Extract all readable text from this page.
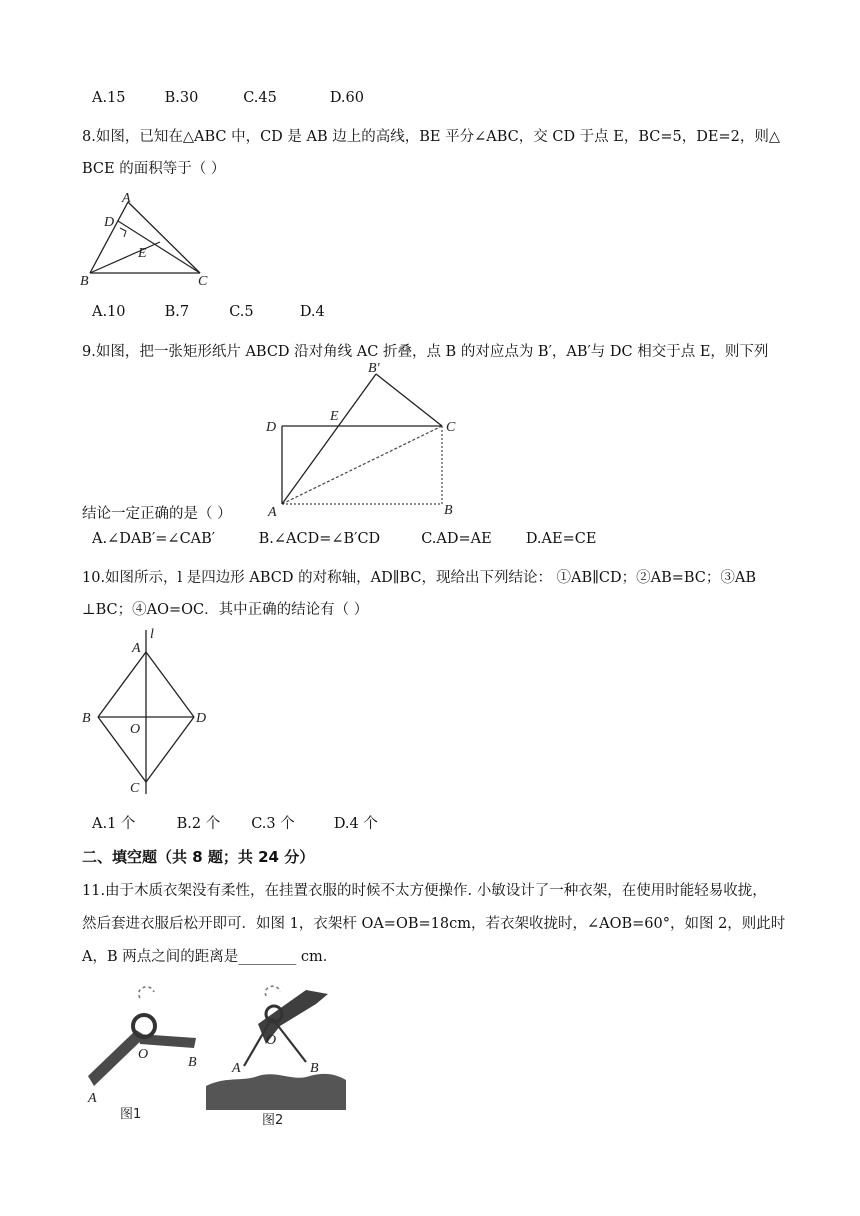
A.15	B.30	C.45	D.60
8.如图，已知在△ABC 中，CD 是 AB 边上的高线，BE 平分∠ABC，交 CD 于点 E，BC=5，DE=2，则△
BCE 的面积等于（ ）
A
D
E
B	C
A.10	B.7	C.5	D.4
9.如图，把一张矩形纸片 ABCD 沿对角线 AC 折叠，点 B 的对应点为 B′，AB′与 DC 相交于点 E，则下列
B′
E
D	C
A	B
结论一定正确的是（ ）
A.∠DAB′=∠CAB′	B.∠ACD=∠B′CD	C.AD=AE D.AE=CE
10.如图所示，l 是四边形 ABCD 的对称轴，AD∥BC，现给出下列结论： ①AB∥CD；②AB=BC；③AB
⊥BC；④AO=OC．其中正确的结论有（ ）
l
A
B
O
D
C
A.1 个	B.2 个 C.3 个	D.4 个
二、填空题（共 8 题；共 24 分）
11.由于木质衣架没有柔性，在挂置衣服的时候不太方便操作. 小敏设计了一种衣架，在使用时能轻易收拢，
然后套进衣服后松开即可．如图 1，衣架杆 OA=OB=18cm，若衣架收拢时，∠AOB=60°，如图 2，则此时
A，B 两点之间的距离是________ cm．
O
A
B
图1
O
A	B
图2
